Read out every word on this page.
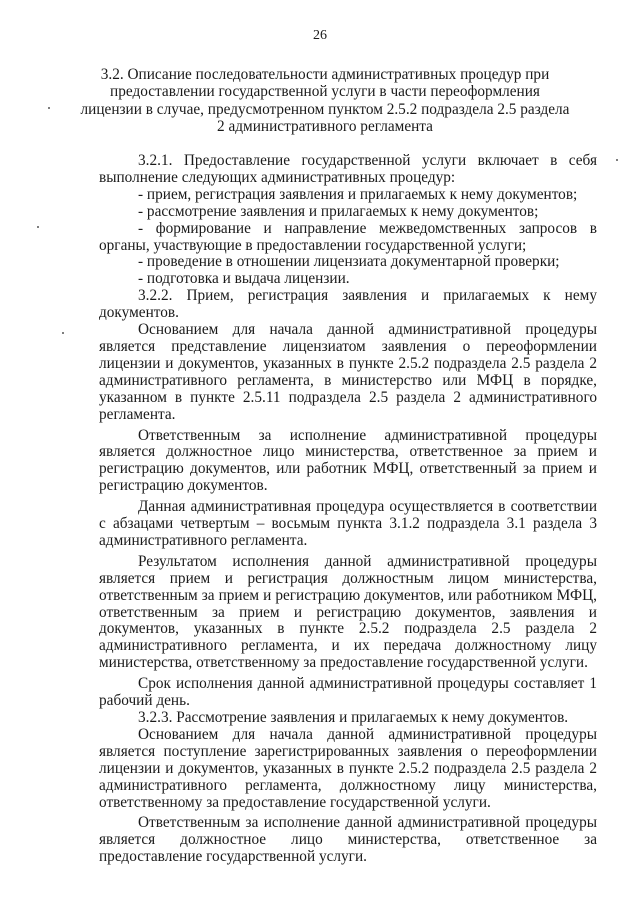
26
3.2. Описание последовательности административных процедур при предоставлении государственной услуги в части переоформления лицензии в случае, предусмотренном пунктом 2.5.2 подраздела 2.5 раздела 2 административного регламента

3.2.1. Предоставление государственной услуги включает в себя выполнение следующих административных процедур:

- прием, регистрация заявления и прилагаемых к нему документов;

- рассмотрение заявления и прилагаемых к нему документов;

- формирование и направление межведомственных запросов в органы, участвующие в предоставлении государственной услуги;

- проведение в отношении лицензиата документарной проверки;

- подготовка и выдача лицензии.

3.2.2. Прием, регистрация заявления и прилагаемых к нему документов.

Основанием для начала данной административной процедуры является представление лицензиатом заявления о переоформлении лицензии и документов, указанных в пункте 2.5.2 подраздела 2.5 раздела 2 административного регламента, в министерство или МФЦ в порядке, указанном в пункте 2.5.11 подраздела 2.5 раздела 2 административного регламента.

Ответственным за исполнение административной процедуры является должностное лицо министерства, ответственное за прием и регистрацию документов, или работник МФЦ, ответственный за прием и регистрацию документов.

Данная административная процедура осуществляется в соответствии с абзацами четвертым – восьмым пункта 3.1.2 подраздела 3.1 раздела 3 административного регламента.

Результатом исполнения данной административной процедуры является прием и регистрация должностным лицом министерства, ответственным за прием и регистрацию документов, или работником МФЦ, ответственным за прием и регистрацию документов, заявления и документов, указанных в пункте 2.5.2 подраздела 2.5 раздела 2 административного регламента, и их передача должностному лицу министерства, ответственному за предоставление государственной услуги.

Срок исполнения данной административной процедуры составляет 1 рабочий день.

3.2.3. Рассмотрение заявления и прилагаемых к нему документов.

Основанием для начала данной административной процедуры является поступление зарегистрированных заявления о переоформлении лицензии и документов, указанных в пункте 2.5.2 подраздела 2.5 раздела 2 административного регламента, должностному лицу министерства, ответственному за предоставление государственной услуги.

Ответственным за исполнение данной административной процедуры является должностное лицо министерства, ответственное за предоставление государственной услуги.
